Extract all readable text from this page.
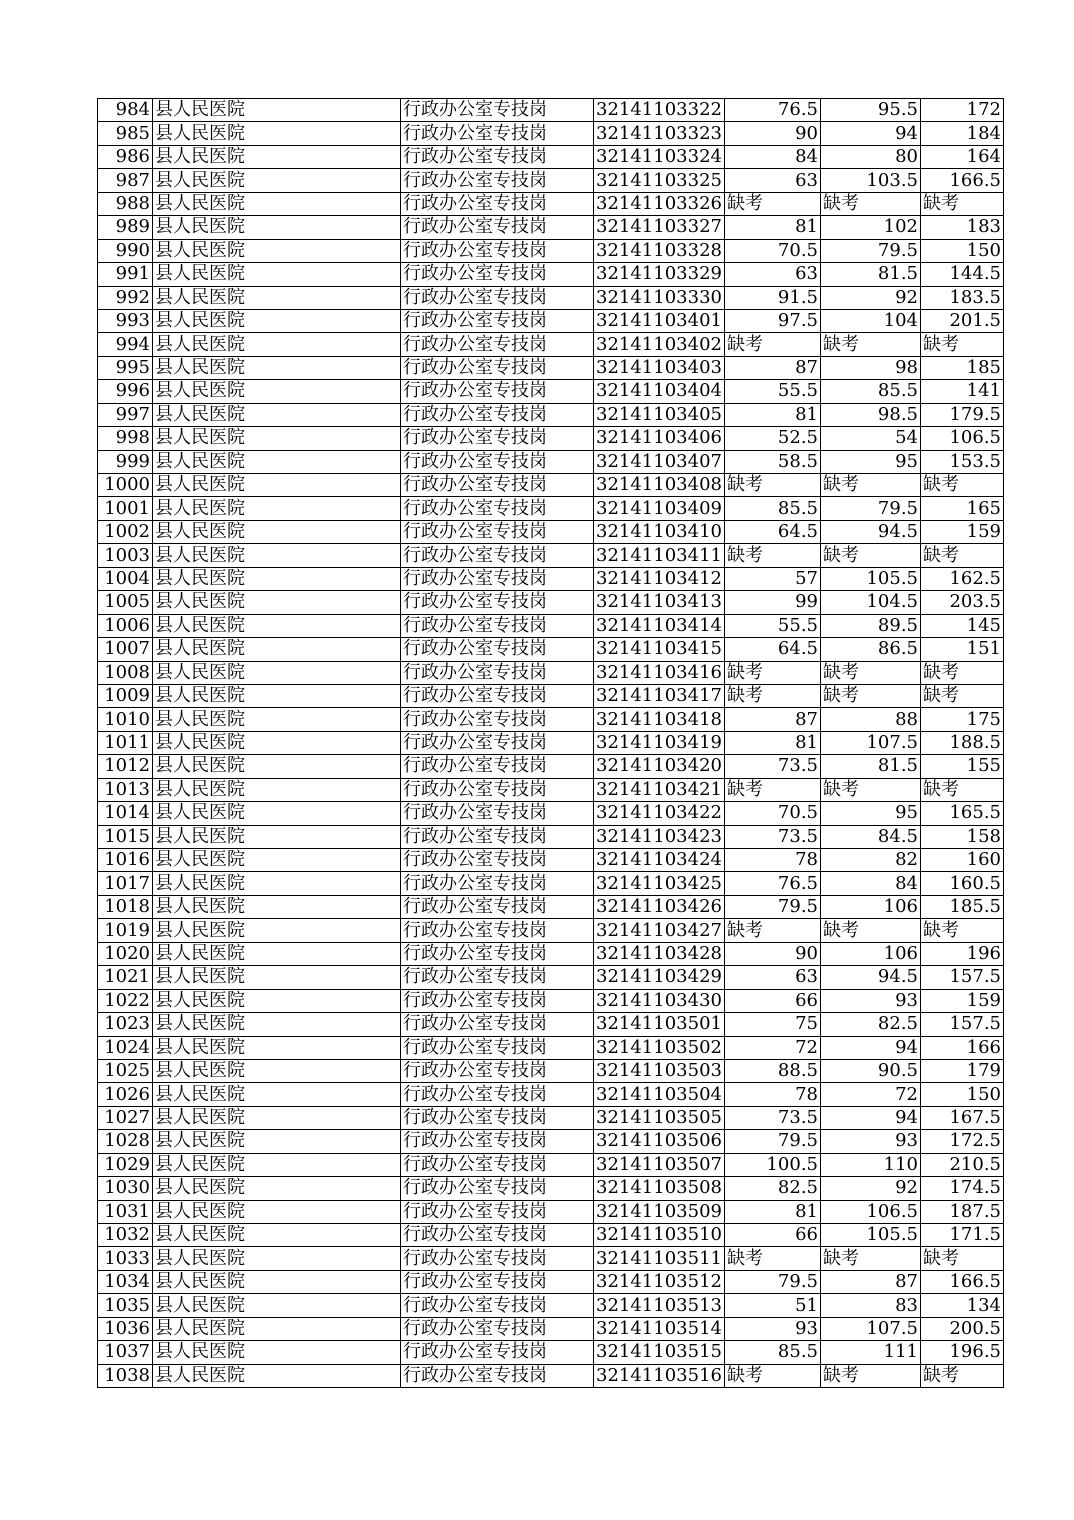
984	县人民医院	行政办公室专技岗	32141103322	76.5	95.5	172
985	县人民医院	行政办公室专技岗	32141103323	90	94	184
986	县人民医院	行政办公室专技岗	32141103324	84	80	164
987	县人民医院	行政办公室专技岗	32141103325	63	103.5	166.5
988	县人民医院	行政办公室专技岗	32141103326	缺考	缺考	缺考
989	县人民医院	行政办公室专技岗	32141103327	81	102	183
990	县人民医院	行政办公室专技岗	32141103328	70.5	79.5	150
991	县人民医院	行政办公室专技岗	32141103329	63	81.5	144.5
992	县人民医院	行政办公室专技岗	32141103330	91.5	92	183.5
993	县人民医院	行政办公室专技岗	32141103401	97.5	104	201.5
994	县人民医院	行政办公室专技岗	32141103402	缺考	缺考	缺考
995	县人民医院	行政办公室专技岗	32141103403	87	98	185
996	县人民医院	行政办公室专技岗	32141103404	55.5	85.5	141
997	县人民医院	行政办公室专技岗	32141103405	81	98.5	179.5
998	县人民医院	行政办公室专技岗	32141103406	52.5	54	106.5
999	县人民医院	行政办公室专技岗	32141103407	58.5	95	153.5
1000	县人民医院	行政办公室专技岗	32141103408	缺考	缺考	缺考
1001	县人民医院	行政办公室专技岗	32141103409	85.5	79.5	165
1002	县人民医院	行政办公室专技岗	32141103410	64.5	94.5	159
1003	县人民医院	行政办公室专技岗	32141103411	缺考	缺考	缺考
1004	县人民医院	行政办公室专技岗	32141103412	57	105.5	162.5
1005	县人民医院	行政办公室专技岗	32141103413	99	104.5	203.5
1006	县人民医院	行政办公室专技岗	32141103414	55.5	89.5	145
1007	县人民医院	行政办公室专技岗	32141103415	64.5	86.5	151
1008	县人民医院	行政办公室专技岗	32141103416	缺考	缺考	缺考
1009	县人民医院	行政办公室专技岗	32141103417	缺考	缺考	缺考
1010	县人民医院	行政办公室专技岗	32141103418	87	88	175
1011	县人民医院	行政办公室专技岗	32141103419	81	107.5	188.5
1012	县人民医院	行政办公室专技岗	32141103420	73.5	81.5	155
1013	县人民医院	行政办公室专技岗	32141103421	缺考	缺考	缺考
1014	县人民医院	行政办公室专技岗	32141103422	70.5	95	165.5
1015	县人民医院	行政办公室专技岗	32141103423	73.5	84.5	158
1016	县人民医院	行政办公室专技岗	32141103424	78	82	160
1017	县人民医院	行政办公室专技岗	32141103425	76.5	84	160.5
1018	县人民医院	行政办公室专技岗	32141103426	79.5	106	185.5
1019	县人民医院	行政办公室专技岗	32141103427	缺考	缺考	缺考
1020	县人民医院	行政办公室专技岗	32141103428	90	106	196
1021	县人民医院	行政办公室专技岗	32141103429	63	94.5	157.5
1022	县人民医院	行政办公室专技岗	32141103430	66	93	159
1023	县人民医院	行政办公室专技岗	32141103501	75	82.5	157.5
1024	县人民医院	行政办公室专技岗	32141103502	72	94	166
1025	县人民医院	行政办公室专技岗	32141103503	88.5	90.5	179
1026	县人民医院	行政办公室专技岗	32141103504	78	72	150
1027	县人民医院	行政办公室专技岗	32141103505	73.5	94	167.5
1028	县人民医院	行政办公室专技岗	32141103506	79.5	93	172.5
1029	县人民医院	行政办公室专技岗	32141103507	100.5	110	210.5
1030	县人民医院	行政办公室专技岗	32141103508	82.5	92	174.5
1031	县人民医院	行政办公室专技岗	32141103509	81	106.5	187.5
1032	县人民医院	行政办公室专技岗	32141103510	66	105.5	171.5
1033	县人民医院	行政办公室专技岗	32141103511	缺考	缺考	缺考
1034	县人民医院	行政办公室专技岗	32141103512	79.5	87	166.5
1035	县人民医院	行政办公室专技岗	32141103513	51	83	134
1036	县人民医院	行政办公室专技岗	32141103514	93	107.5	200.5
1037	县人民医院	行政办公室专技岗	32141103515	85.5	111	196.5
1038	县人民医院	行政办公室专技岗	32141103516	缺考	缺考	缺考
